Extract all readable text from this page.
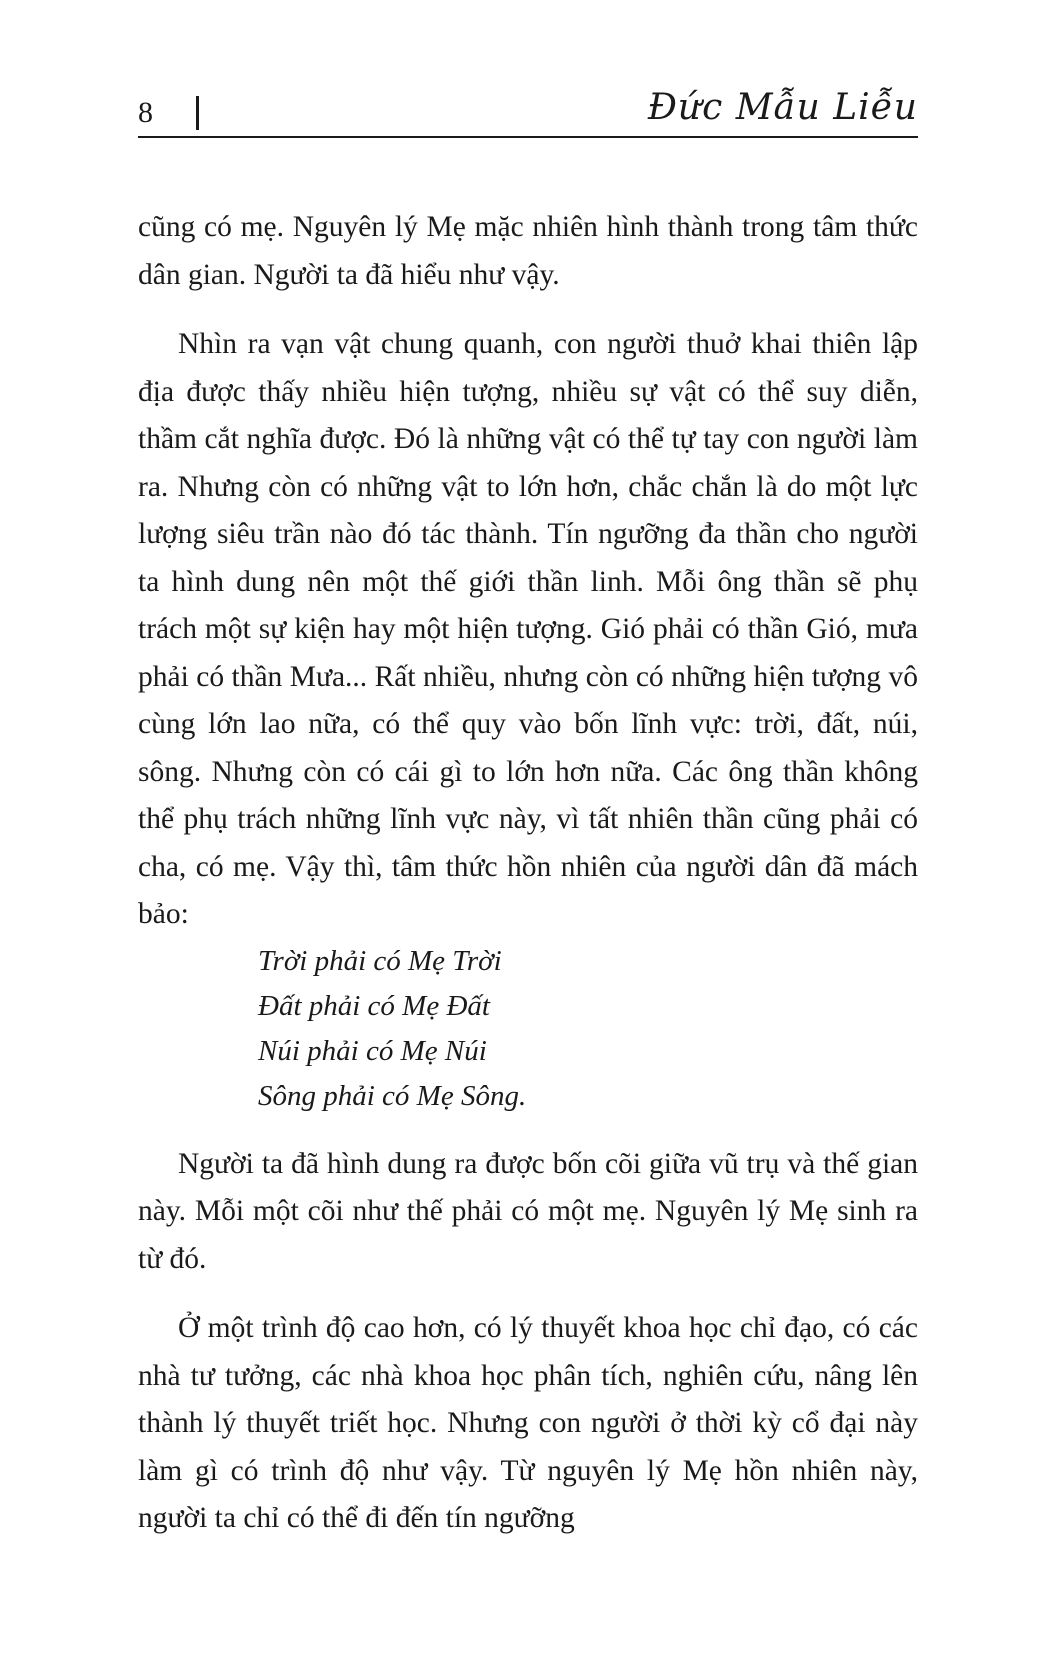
8	Đức Mẫu Liễu

cũng có mẹ. Nguyên lý Mẹ mặc nhiên hình thành trong tâm thức dân gian. Người ta đã hiểu như vậy.

Nhìn ra vạn vật chung quanh, con người thuở khai thiên lập địa được thấy nhiều hiện tượng, nhiều sự vật có thể suy diễn, thầm cắt nghĩa được. Đó là những vật có thể tự tay con người làm ra. Nhưng còn có những vật to lớn hơn, chắc chắn là do một lực lượng siêu trần nào đó tác thành. Tín ngưỡng đa thần cho người ta hình dung nên một thế giới thần linh. Mỗi ông thần sẽ phụ trách một sự kiện hay một hiện tượng. Gió phải có thần Gió, mưa phải có thần Mưa... Rất nhiều, nhưng còn có những hiện tượng vô cùng lớn lao nữa, có thể quy vào bốn lĩnh vực: trời, đất, núi, sông. Nhưng còn có cái gì to lớn hơn nữa. Các ông thần không thể phụ trách những lĩnh vực này, vì tất nhiên thần cũng phải có cha, có mẹ. Vậy thì, tâm thức hồn nhiên của người dân đã mách bảo:

Trời phải có Mẹ Trời
Đất phải có Mẹ Đất
Núi phải có Mẹ Núi
Sông phải có Mẹ Sông.

Người ta đã hình dung ra được bốn cõi giữa vũ trụ và thế gian này. Mỗi một cõi như thế phải có một mẹ. Nguyên lý Mẹ sinh ra từ đó.

Ở một trình độ cao hơn, có lý thuyết khoa học chỉ đạo, có các nhà tư tưởng, các nhà khoa học phân tích, nghiên cứu, nâng lên thành lý thuyết triết học. Nhưng con người ở thời kỳ cổ đại này làm gì có trình độ như vậy. Từ nguyên lý Mẹ hồn nhiên này, người ta chỉ có thể đi đến tín ngưỡng
